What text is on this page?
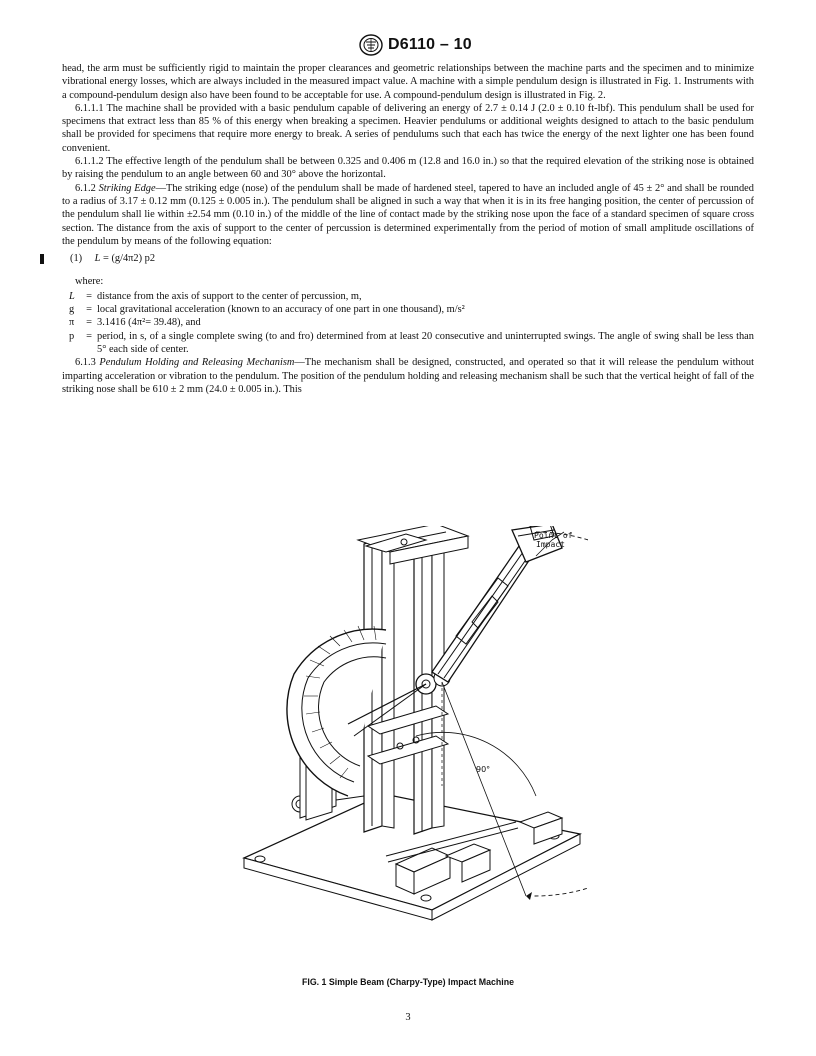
D6110 – 10

head, the arm must be sufficiently rigid to maintain the proper clearances and geometric relationships between the machine parts and the specimen and to minimize vibrational energy losses, which are always included in the measured impact value. A machine with a simple pendulum design is illustrated in Fig. 1. Instruments with a compound-pendulum design also have been found to be acceptable for use. A compound-pendulum design is illustrated in Fig. 2.

6.1.1.1 The machine shall be provided with a basic pendulum capable of delivering an energy of 2.7 ± 0.14 J (2.0 ± 0.10 ft-lbf). This pendulum shall be used for specimens that extract less than 85 % of this energy when breaking a specimen. Heavier pendulums or additional weights designed to attach to the basic pendulum shall be provided for specimens that require more energy to break. A series of pendulums such that each has twice the energy of the next lighter one has been found convenient.

6.1.1.2 The effective length of the pendulum shall be between 0.325 and 0.406 m (12.8 and 16.0 in.) so that the required elevation of the striking nose is obtained by raising the pendulum to an angle between 60 and 30° above the horizontal.

6.1.2 Striking Edge—The striking edge (nose) of the pendulum shall be made of hardened steel, tapered to have an included angle of 45 ± 2° and shall be rounded to a radius of 3.17 ± 0.12 mm (0.125 ± 0.005 in.). The pendulum shall be aligned in such a way that when it is in its free hanging position, the center of percussion of the pendulum shall lie within ±2.54 mm (0.10 in.) of the middle of the line of contact made by the striking nose upon the face of a standard specimen of square cross section. The distance from the axis of support to the center of percussion is determined experimentally from the period of motion of small amplitude oscillations of the pendulum by means of the following equation:

(1) L = (g/4π2) p2

where:

L	= distance from the axis of support to the center of percussion, m,
g	= local gravitational acceleration (known to an accuracy of one part in one thousand), m/s²
π	= 3.1416 (4π²= 39.48), and
p	= period, in s, of a single complete swing (to and fro) determined from at least 20 consecutive and uninterrupted swings. The angle of swing shall be less than 5° each side of center.

6.1.3 Pendulum Holding and Releasing Mechanism—The mechanism shall be designed, constructed, and operated so that it will release the pendulum without imparting acceleration or vibration to the pendulum. The position of the pendulum holding and releasing mechanism shall be such that the vertical height of fall of the striking nose shall be 610 ± 2 mm (24.0 ± 0.005 in.). This

Point of
Impact
90°
FIG. 1 Simple Beam (Charpy-Type) Impact Machine
3
